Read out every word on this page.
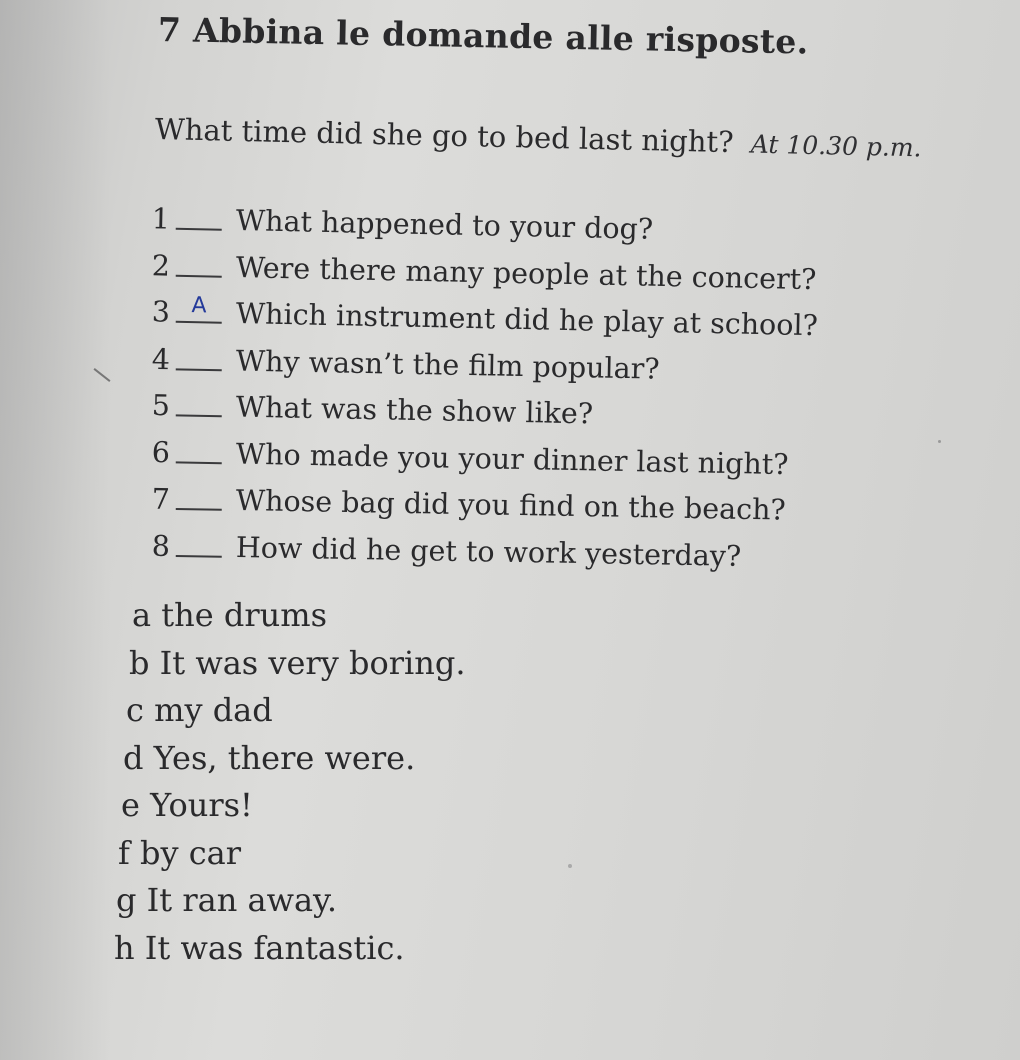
7 Abbina le domande alle risposte.
What time did she go to bed last night? At 10.30 p.m.
1 What happened to your dog?
2 Were there many people at the concert?
3 A	Which instrument did he play at school?
4 Why wasn’t the film popular?
5 What was the show like?
6 Who made you your dinner last night?
7 Whose bag did you find on the beach?
8 How did he get to work yesterday?
a the drums
b It was very boring.
c my dad
d Yes, there were.
e Yours!
f by car
g It ran away.
h It was fantastic.
